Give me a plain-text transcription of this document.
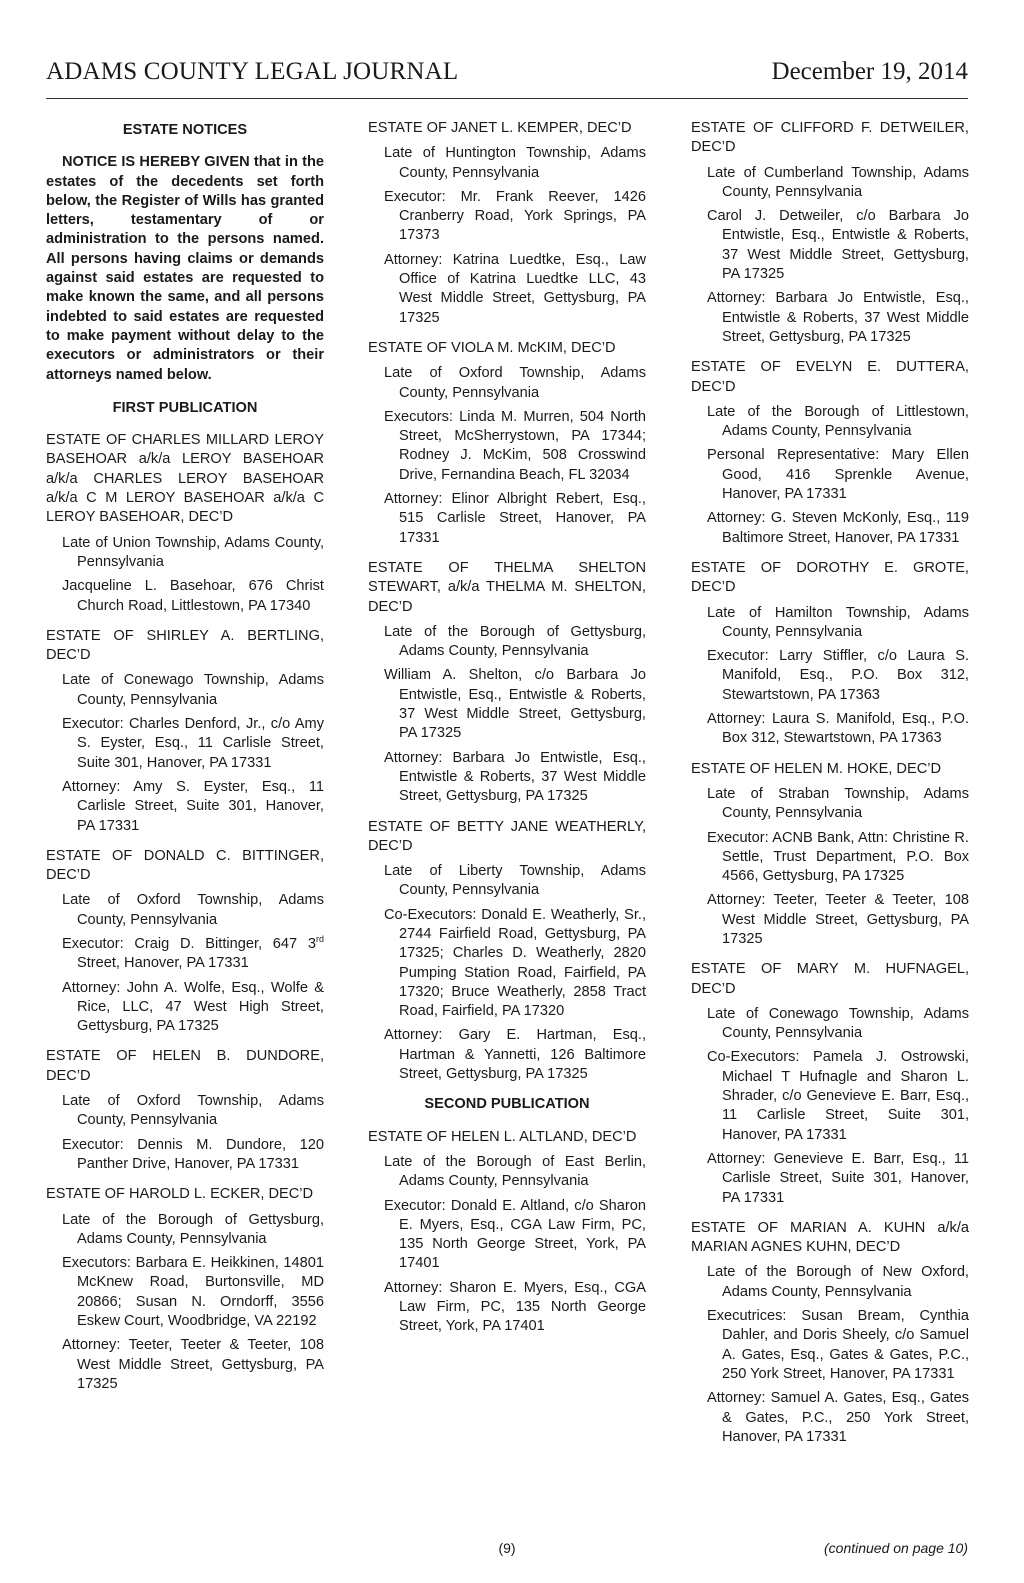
ADAMS COUNTY LEGAL JOURNAL	December 19, 2014
ESTATE NOTICES

NOTICE IS HEREBY GIVEN that in the estates of the decedents set forth below, the Register of Wills has granted letters, testamentary of or administration to the persons named. All persons having claims or demands against said estates are requested to make known the same, and all persons indebted to said estates are requested to make payment without delay to the executors or administrators or their attorneys named below.

FIRST PUBLICATION
ESTATE OF CHARLES MILLARD LEROY BASEHOAR a/k/a LEROY BASEHOAR a/k/a CHARLES LEROY BASEHOAR a/k/a C M LEROY BASEHOAR a/k/a C LEROY BASEHOAR, DEC’D
Late of Union Township, Adams County, Pennsylvania
Jacqueline L. Basehoar, 676 Christ Church Road, Littlestown, PA 17340
ESTATE OF SHIRLEY A. BERTLING, DEC’D
Late of Conewago Township, Adams County, Pennsylvania
Executor: Charles Denford, Jr., c/o Amy S. Eyster, Esq., 11 Carlisle Street, Suite 301, Hanover, PA 17331
Attorney: Amy S. Eyster, Esq., 11 Carlisle Street, Suite 301, Hanover, PA 17331
ESTATE OF DONALD C. BITTINGER, DEC’D
Late of Oxford Township, Adams County, Pennsylvania
Executor: Craig D. Bittinger, 647 3rd Street, Hanover, PA 17331
Attorney: John A. Wolfe, Esq., Wolfe & Rice, LLC, 47 West High Street, Gettysburg, PA 17325
ESTATE OF HELEN B. DUNDORE, DEC’D
Late of Oxford Township, Adams County, Pennsylvania
Executor: Dennis M. Dundore, 120 Panther Drive, Hanover, PA 17331
ESTATE OF HAROLD L. ECKER, DEC’D
Late of the Borough of Gettysburg, Adams County, Pennsylvania
Executors: Barbara E. Heikkinen, 14801 McKnew Road, Burtonsville, MD 20866; Susan N. Orndorff, 3556 Eskew Court, Woodbridge, VA 22192
Attorney: Teeter, Teeter & Teeter, 108 West Middle Street, Gettysburg, PA 17325
ESTATE OF JANET L. KEMPER, DEC’D
Late of Huntington Township, Adams County, Pennsylvania
Executor: Mr. Frank Reever, 1426 Cranberry Road, York Springs, PA 17373
Attorney: Katrina Luedtke, Esq., Law Office of Katrina Luedtke LLC, 43 West Middle Street, Gettysburg, PA 17325
ESTATE OF VIOLA M. McKIM, DEC’D
Late of Oxford Township, Adams County, Pennsylvania
Executors: Linda M. Murren, 504 North Street, McSherrystown, PA 17344; Rodney J. McKim, 508 Crosswind Drive, Fernandina Beach, FL 32034
Attorney: Elinor Albright Rebert, Esq., 515 Carlisle Street, Hanover, PA 17331
ESTATE OF THELMA SHELTON STEWART, a/k/a THELMA M. SHELTON, DEC’D
Late of the Borough of Gettysburg, Adams County, Pennsylvania
William A. Shelton, c/o Barbara Jo Entwistle, Esq., Entwistle & Roberts, 37 West Middle Street, Gettysburg, PA 17325
Attorney: Barbara Jo Entwistle, Esq., Entwistle & Roberts, 37 West Middle Street, Gettysburg, PA 17325
ESTATE OF BETTY JANE WEATHERLY, DEC’D
Late of Liberty Township, Adams County, Pennsylvania
Co-Executors: Donald E. Weatherly, Sr., 2744 Fairfield Road, Gettysburg, PA 17325; Charles D. Weatherly, 2820 Pumping Station Road, Fairfield, PA 17320; Bruce Weatherly, 2858 Tract Road, Fairfield, PA 17320
Attorney: Gary E. Hartman, Esq., Hartman & Yannetti, 126 Baltimore Street, Gettysburg, PA 17325
SECOND PUBLICATION
ESTATE OF HELEN L. ALTLAND, DEC’D
Late of the Borough of East Berlin, Adams County, Pennsylvania
Executor: Donald E. Altland, c/o Sharon E. Myers, Esq., CGA Law Firm, PC, 135 North George Street, York, PA 17401
Attorney: Sharon E. Myers, Esq., CGA Law Firm, PC, 135 North George Street, York, PA 17401
ESTATE OF CLIFFORD F. DETWEILER, DEC’D
Late of Cumberland Township, Adams County, Pennsylvania
Carol J. Detweiler, c/o Barbara Jo Entwistle, Esq., Entwistle & Roberts, 37 West Middle Street, Gettysburg, PA 17325
Attorney: Barbara Jo Entwistle, Esq., Entwistle & Roberts, 37 West Middle Street, Gettysburg, PA 17325
ESTATE OF EVELYN E. DUTTERA, DEC’D
Late of the Borough of Littlestown, Adams County, Pennsylvania
Personal Representative: Mary Ellen Good, 416 Sprenkle Avenue, Hanover, PA 17331
Attorney: G. Steven McKonly, Esq., 119 Baltimore Street, Hanover, PA 17331
ESTATE OF DOROTHY E. GROTE, DEC’D
Late of Hamilton Township, Adams County, Pennsylvania
Executor: Larry Stiffler, c/o Laura S. Manifold, Esq., P.O. Box 312, Stewartstown, PA 17363
Attorney: Laura S. Manifold, Esq., P.O. Box 312, Stewartstown, PA 17363
ESTATE OF HELEN M. HOKE, DEC’D
Late of Straban Township, Adams County, Pennsylvania
Executor: ACNB Bank, Attn: Christine R. Settle, Trust Department, P.O. Box 4566, Gettysburg, PA 17325
Attorney: Teeter, Teeter & Teeter, 108 West Middle Street, Gettysburg, PA 17325
ESTATE OF MARY M. HUFNAGEL, DEC’D
Late of Conewago Township, Adams County, Pennsylvania
Co-Executors: Pamela J. Ostrowski, Michael T Hufnagle and Sharon L. Shrader, c/o Genevieve E. Barr, Esq., 11 Carlisle Street, Suite 301, Hanover, PA 17331
Attorney: Genevieve E. Barr, Esq., 11 Carlisle Street, Suite 301, Hanover, PA 17331
ESTATE OF MARIAN A. KUHN a/k/a MARIAN AGNES KUHN, DEC’D
Late of the Borough of New Oxford, Adams County, Pennsylvania
Executrices: Susan Bream, Cynthia Dahler, and Doris Sheely, c/o Samuel A. Gates, Esq., Gates & Gates, P.C., 250 York Street, Hanover, PA 17331
Attorney: Samuel A. Gates, Esq., Gates & Gates, P.C., 250 York Street, Hanover, PA 17331
(9)	(continued on page 10)
